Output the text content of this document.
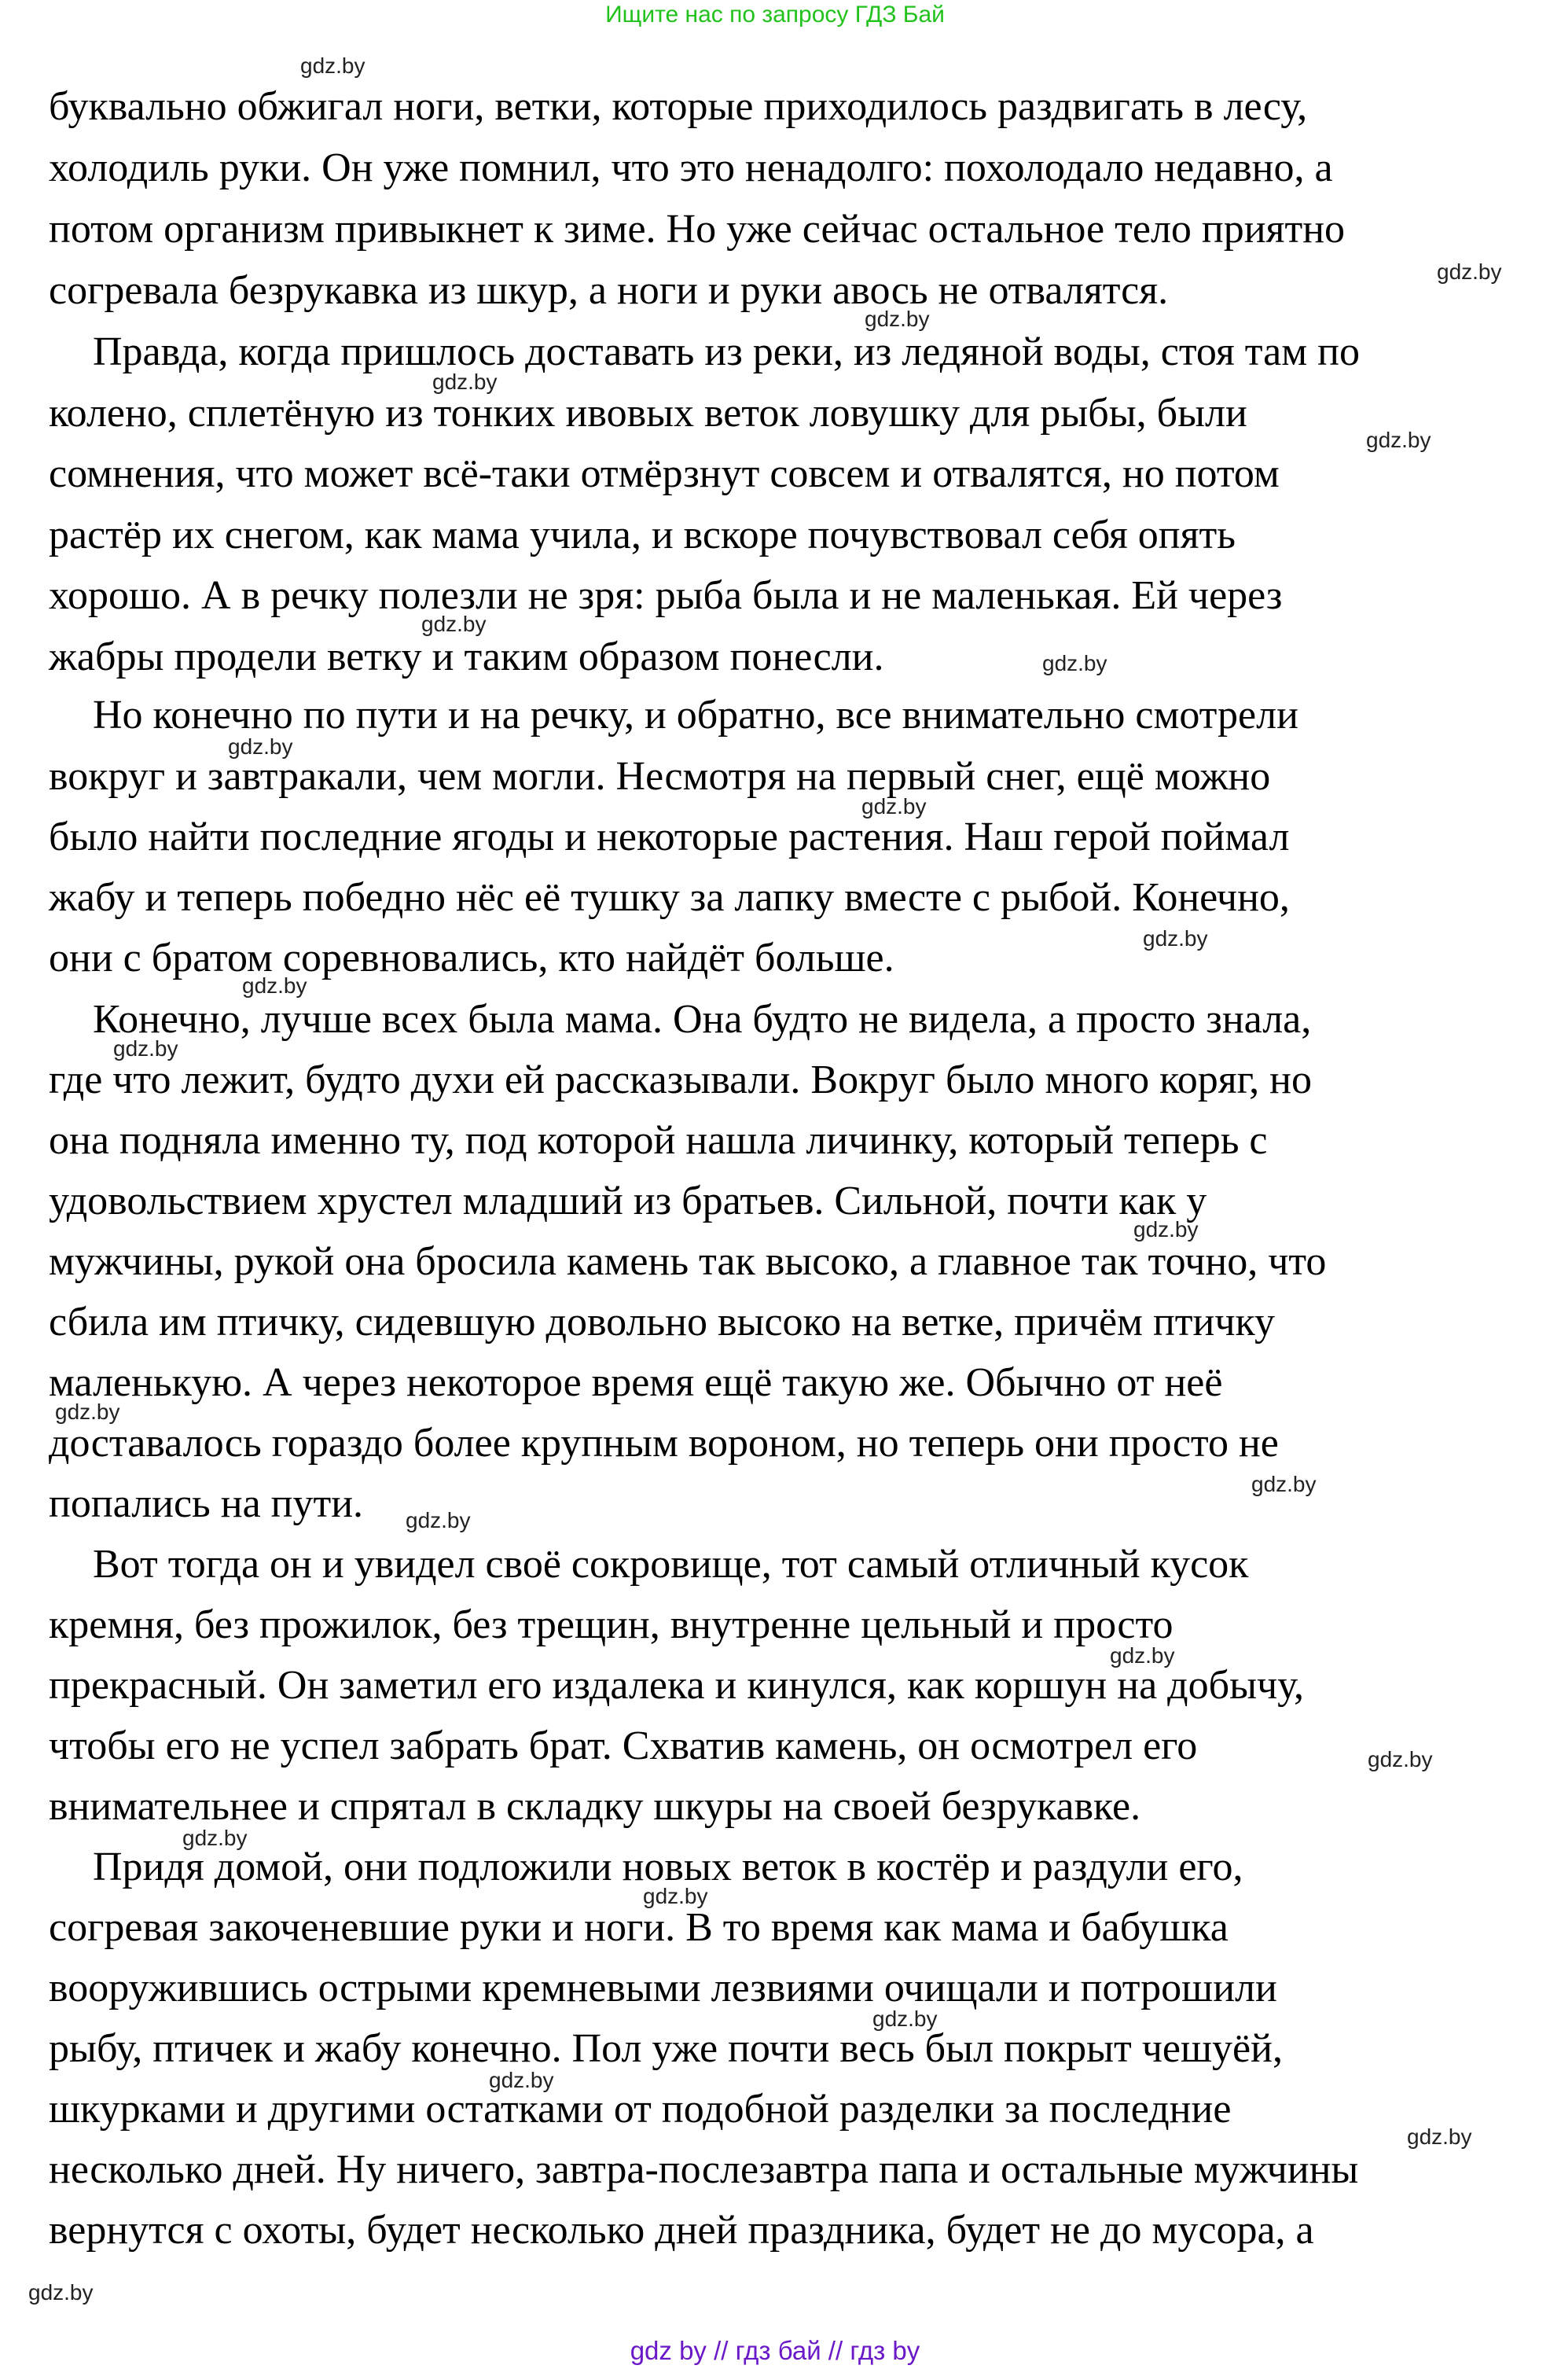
Ищите нас по запросу ГДЗ Бай
буквально обжигал ноги, ветки, которые приходилось раздвигать в лесу,
холодиль руки. Он уже помнил, что это ненадолго: похолодало недавно, а
потом организм привыкнет к зиме. Но уже сейчас остальное тело приятно
согревала безрукавка из шкур, а ноги и руки авось не отвалятся.
Правда, когда пришлось доставать из реки, из ледяной воды, стоя там по
колено, сплетёную из тонких ивовых веток ловушку для рыбы, были
сомнения, что может всё-таки отмёрзнут совсем и отвалятся, но потом
растёр их снегом, как мама учила, и вскоре почувствовал себя опять
хорошо. А в речку полезли не зря: рыба была и не маленькая. Ей через
жабры продели ветку и таким образом понесли.
Но конечно по пути и на речку, и обратно, все внимательно смотрели
вокруг и завтракали, чем могли. Несмотря на первый снег, ещё можно
было найти последние ягоды и некоторые растения. Наш герой поймал
жабу и теперь победно нёс её тушку за лапку вместе с рыбой. Конечно,
они с братом соревновались, кто найдёт больше.
Конечно, лучше всех была мама. Она будто не видела, а просто знала,
где что лежит, будто духи ей рассказывали. Вокруг было много коряг, но
она подняла именно ту, под которой нашла личинку, который теперь с
удовольствием хрустел младший из братьев. Сильной, почти как у
мужчины, рукой она бросила камень так высоко, а главное так точно, что
сбила им птичку, сидевшую довольно высоко на ветке, причём птичку
маленькую. А через некоторое время ещё такую же. Обычно от неё
доставалось гораздо более крупным вороном, но теперь они просто не
попались на пути.
Вот тогда он и увидел своё сокровище, тот самый отличный кусок
кремня, без прожилок, без трещин, внутренне цельный и просто
прекрасный. Он заметил его издалека и кинулся, как коршун на добычу,
чтобы его не успел забрать брат. Схватив камень, он осмотрел его
внимательнее и спрятал в складку шкуры на своей безрукавке.
Придя домой, они подложили новых веток в костёр и раздули его,
согревая закоченевшие руки и ноги. В то время как мама и бабушка
вооружившись острыми кремневыми лезвиями очищали и потрошили
рыбу, птичек и жабу конечно. Пол уже почти весь был покрыт чешуёй,
шкурками и другими остатками от подобной разделки за последние
несколько дней. Ну ничего, завтра-послезавтра папа и остальные мужчины
вернутся с охоты, будет несколько дней праздника, будет не до мусора, а
gdz.by
gdz.by
gdz.by
gdz.by
gdz.by
gdz.by
gdz.by
gdz.by
gdz.by
gdz.by
gdz.by
gdz.by
gdz.by
gdz.by
gdz.by
gdz.by
gdz.by
gdz.by
gdz.by
gdz.by
gdz.by
gdz.by
gdz.by
gdz.by
gdz by // гдз бай // гдз by
